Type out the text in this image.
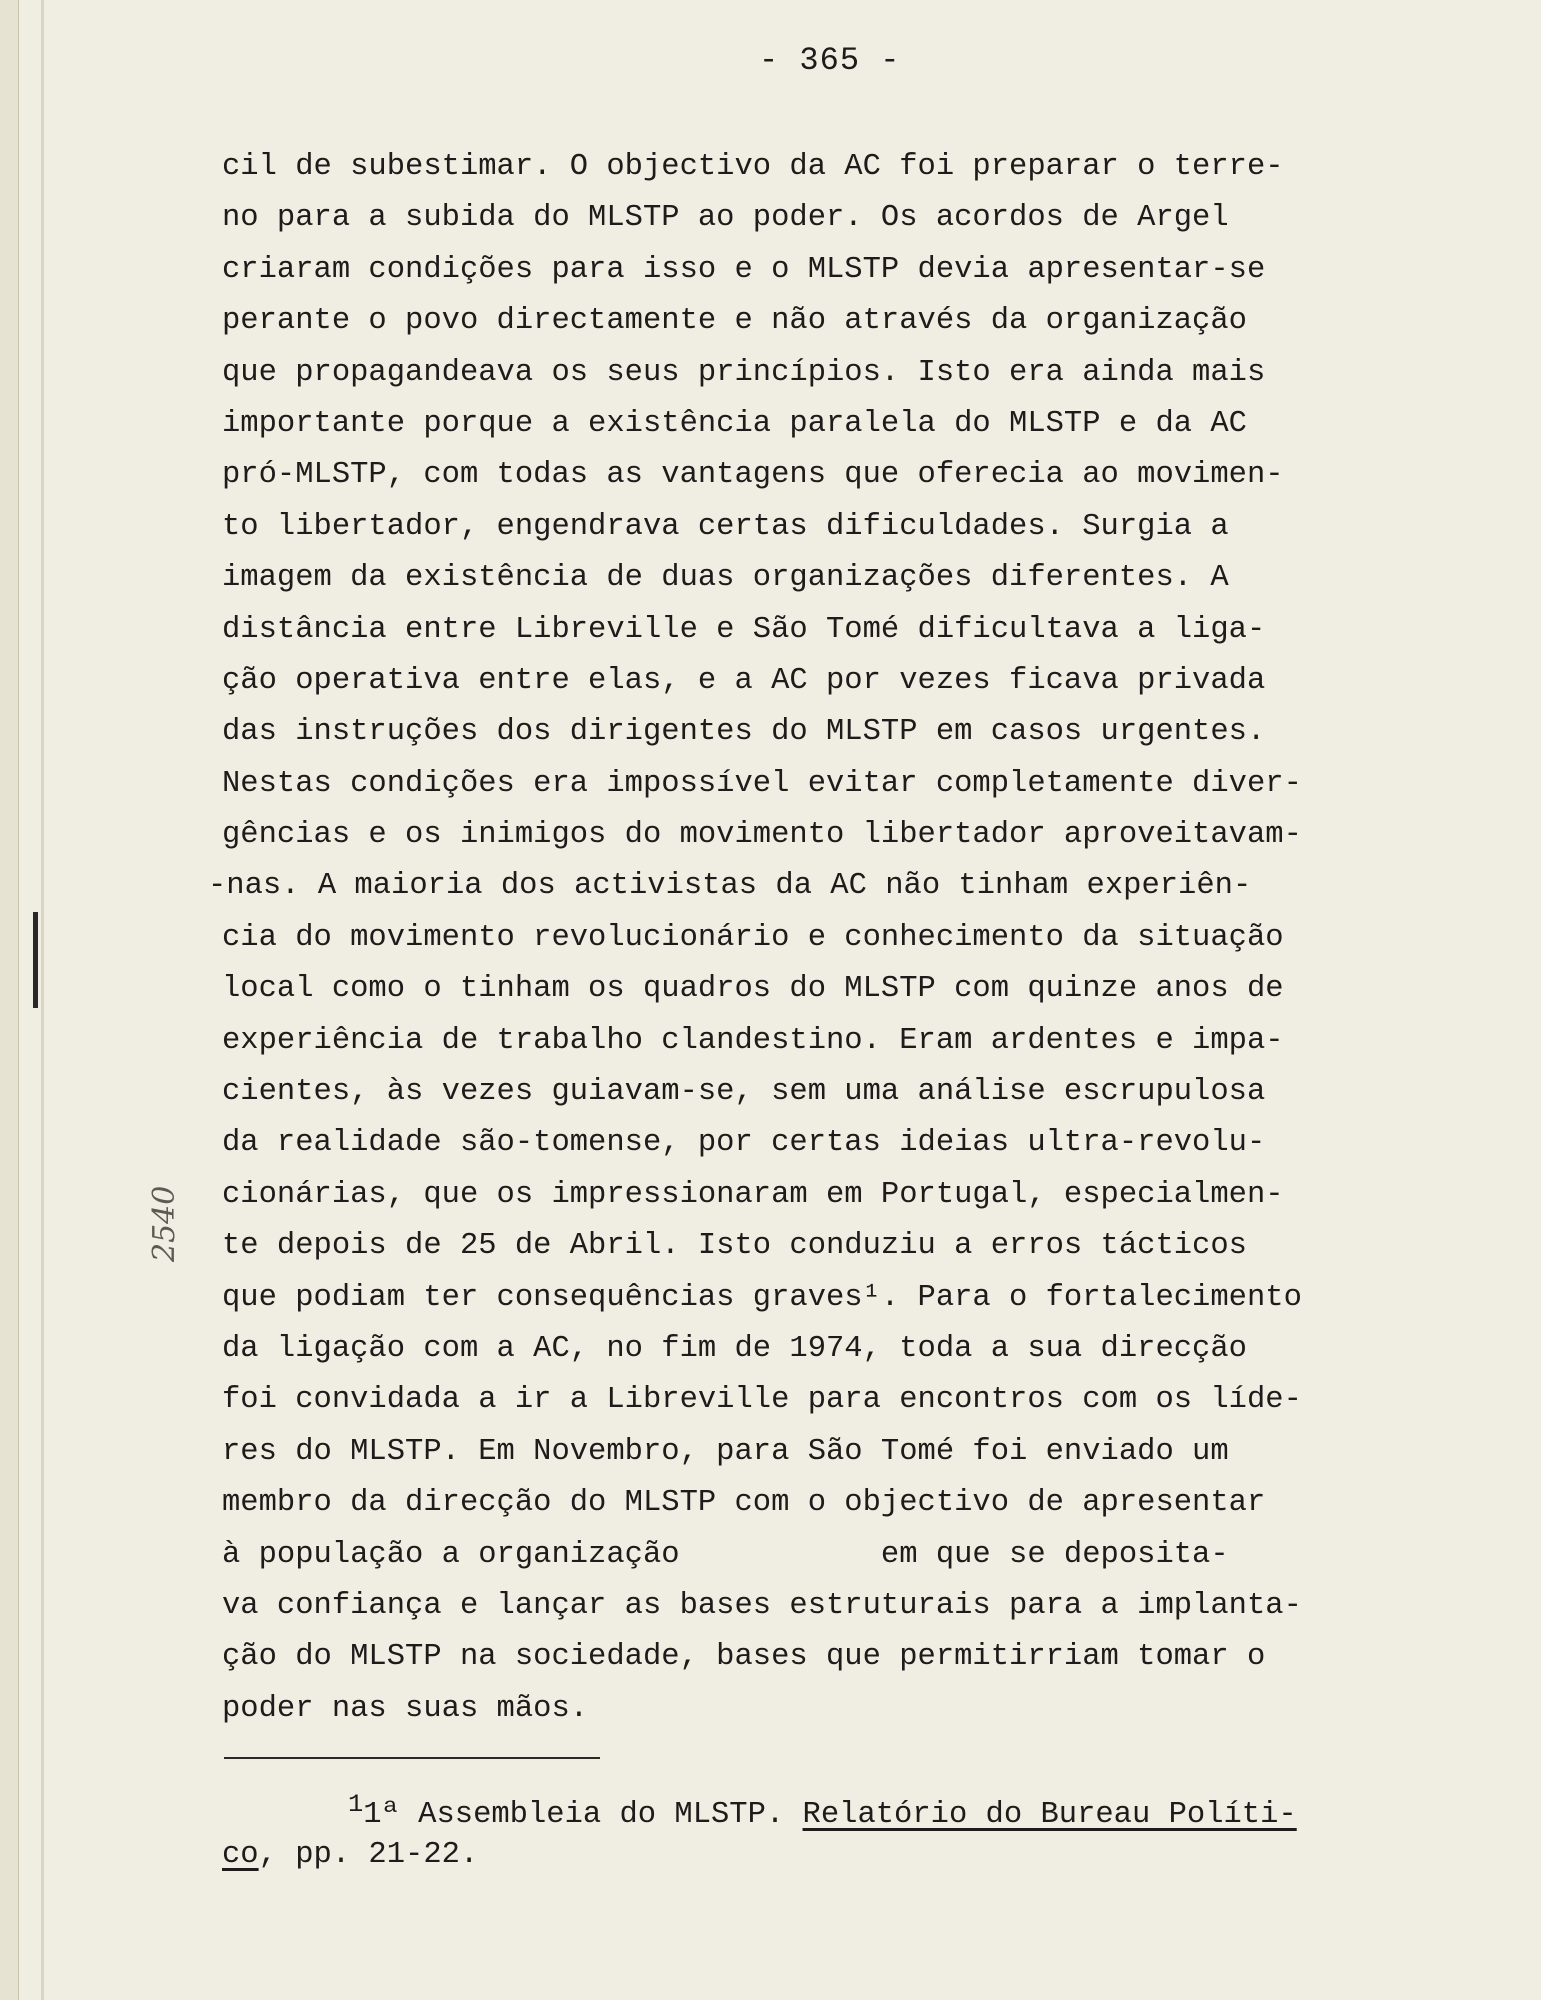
- 365 -
cil de subestimar. O objectivo da AC foi preparar o terre-
no para a subida do MLSTP ao poder. Os acordos de Argel
criaram condições para isso e o MLSTP devia apresentar-se
perante o povo directamente e não através da organização
que propagandeava os seus princípios. Isto era ainda mais
importante porque a existência paralela do MLSTP e da AC
pró-MLSTP, com todas as vantagens que oferecia ao movimen-
to libertador, engendrava certas dificuldades. Surgia a
imagem da existência de duas organizações diferentes. A
distância entre Libreville e São Tomé dificultava a liga-
ção operativa entre elas, e a AC por vezes ficava privada
das instruções dos dirigentes do MLSTP em casos urgentes.
Nestas condições era impossível evitar completamente diver-
gências e os inimigos do movimento libertador aproveitavam-
-nas. A maioria dos activistas da AC não tinham experiên-
cia do movimento revolucionário e conhecimento da situação
local como o tinham os quadros do MLSTP com quinze anos de
experiência de trabalho clandestino. Eram ardentes e impa-
cientes, às vezes guiavam-se, sem uma análise escrupulosa
da realidade são-tomense, por certas ideias ultra-revolu-
cionárias, que os impressionaram em Portugal, especialmen-
te depois de 25 de Abril. Isto conduziu a erros tácticos
que podiam ter consequências graves¹. Para o fortalecimento
da ligação com a AC, no fim de 1974, toda a sua direcção
foi convidada a ir a Libreville para encontros com os líde-
res do MLSTP. Em Novembro, para São Tomé foi enviado um
membro da direcção do MLSTP com o objectivo de apresentar
à população a organização           em que se deposita-
va confiança e lançar as bases estruturais para a implanta-
ção do MLSTP na sociedade, bases que permitirriam tomar o
poder nas suas mãos.
$^1$1ª Assembleia do MLSTP. Relatório do Bureau Políti-
co, pp. 21-22.
2540
